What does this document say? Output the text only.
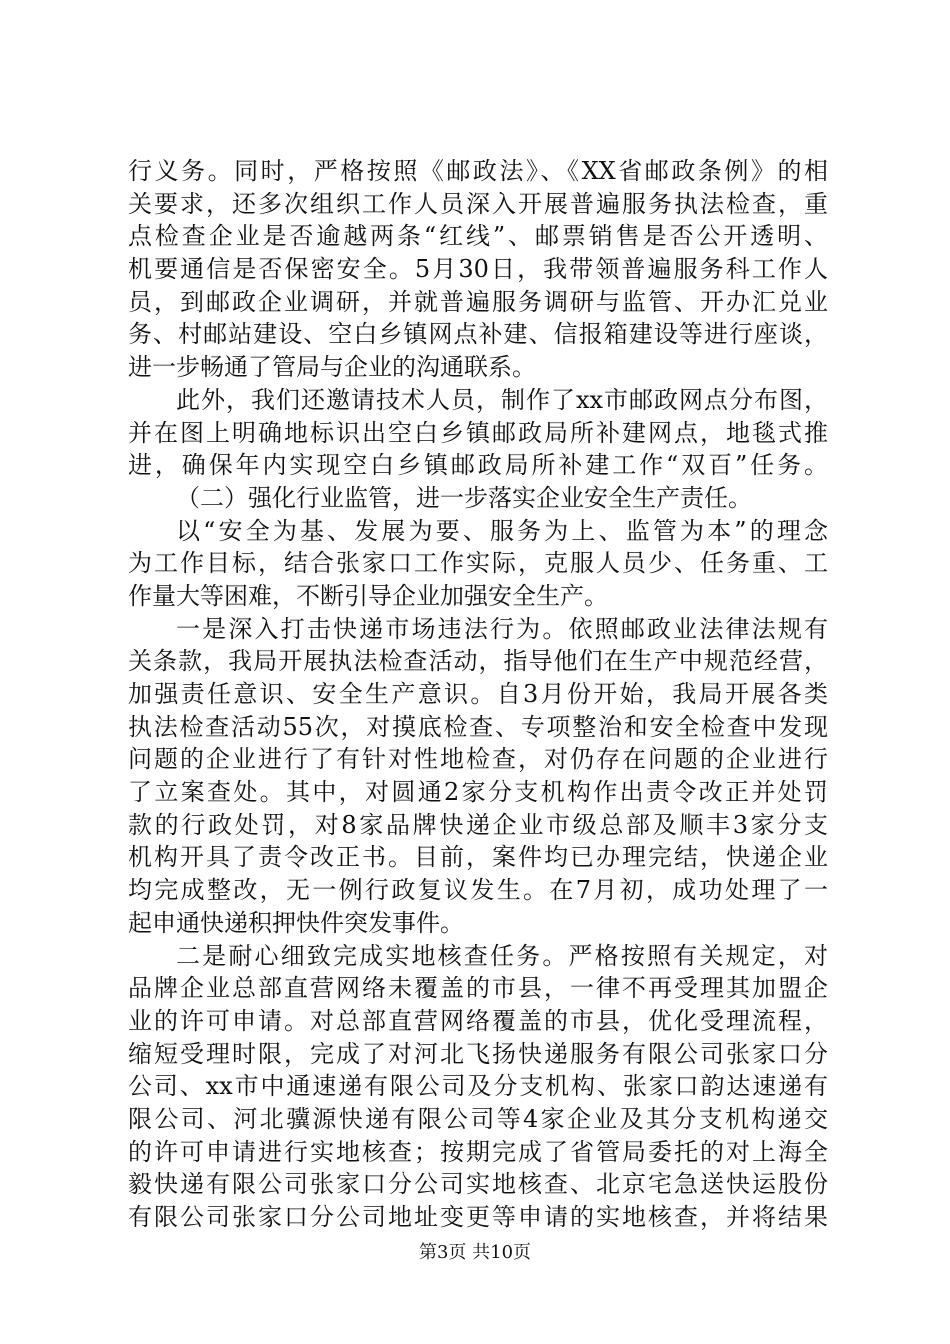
行义务。同时，严格按照《邮政法》、《XX省邮政条例》的相
关要求，还多次组织工作人员深入开展普遍服务执法检查，重
点检查企业是否逾越两条“红线”、邮票销售是否公开透明、
机要通信是否保密安全。5月30日，我带领普遍服务科工作人
员，到邮政企业调研，并就普遍服务调研与监管、开办汇兑业
务、村邮站建设、空白乡镇网点补建、信报箱建设等进行座谈，
进一步畅通了管局与企业的沟通联系。
此外，我们还邀请技术人员，制作了xx市邮政网点分布图，
并在图上明确地标识出空白乡镇邮政局所补建网点，地毯式推
进，确保年内实现空白乡镇邮政局所补建工作“双百”任务。
（二）强化行业监管，进一步落实企业安全生产责任。
以“安全为基、发展为要、服务为上、监管为本”的理念
为工作目标，结合张家口工作实际，克服人员少、任务重、工
作量大等困难，不断引导企业加强安全生产。
一是深入打击快递市场违法行为。依照邮政业法律法规有
关条款，我局开展执法检查活动，指导他们在生产中规范经营，
加强责任意识、安全生产意识。自3月份开始，我局开展各类
执法检查活动55次，对摸底检查、专项整治和安全检查中发现
问题的企业进行了有针对性地检查，对仍存在问题的企业进行
了立案查处。其中，对圆通2家分支机构作出责令改正并处罚
款的行政处罚，对8家品牌快递企业市级总部及顺丰3家分支
机构开具了责令改正书。目前，案件均已办理完结，快递企业
均完成整改，无一例行政复议发生。在7月初，成功处理了一
起申通快递积押快件突发事件。
二是耐心细致完成实地核查任务。严格按照有关规定，对
品牌企业总部直营网络未覆盖的市县，一律不再受理其加盟企
业的许可申请。对总部直营网络覆盖的市县，优化受理流程，
缩短受理时限，完成了对河北飞扬快递服务有限公司张家口分
公司、xx市中通速递有限公司及分支机构、张家口韵达速递有
限公司、河北骥源快递有限公司等4家企业及其分支机构递交
的许可申请进行实地核查；按期完成了省管局委托的对上海全
毅快递有限公司张家口分公司实地核查、北京宅急送快运股份
有限公司张家口分公司地址变更等申请的实地核查，并将结果
第3页 共10页
